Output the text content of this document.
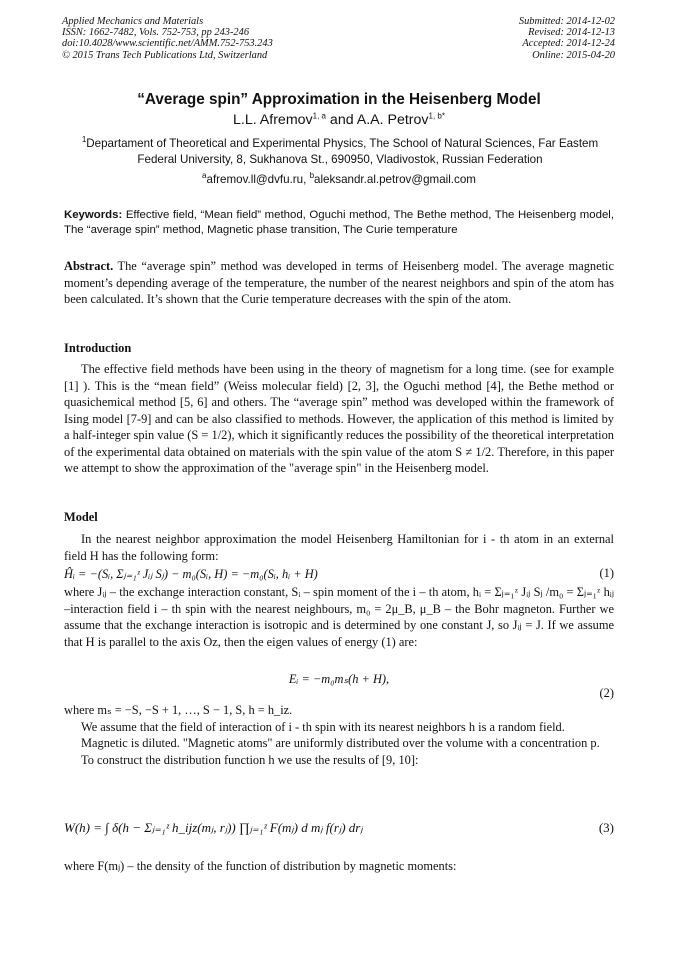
Applied Mechanics and Materials
ISSN: 1662-7482, Vols. 752-753, pp 243-246
doi:10.4028/www.scientific.net/AMM.752-753.243
© 2015 Trans Tech Publications Ltd, Switzerland
Submitted: 2014-12-02
Revised: 2014-12-13
Accepted: 2014-12-24
Online: 2015-04-20
“Average spin” Approximation in the Heisenberg Model
L.L. Afremov$^{1, a}$ and A.A. Petrov$^{1, b*}$
$^1$Departament of Theoretical and Experimental Physics, The School of Natural Sciences, Far Eastem Federal University, 8, Sukhanova St., 690950, Vladivostok, Russian Federation
$^a$afremov.ll@dvfu.ru, $^b$aleksandr.al.petrov@gmail.com
Keywords: Effective field, “Mean field” method, Oguchi method, The Bethe method, The Heisenberg model, The “average spin” method, Magnetic phase transition, The Curie temperature
Abstract. The “average spin” method was developed in terms of Heisenberg model. The average magnetic moment’s depending average of the temperature, the number of the nearest neighbors and spin of the atom has been calculated. It’s shown that the Curie temperature decreases with the spin of the atom.
Introduction

The effective field methods have been using in the theory of magnetism for a long time. (see for example [1] ). This is the “mean field” (Weiss molecular field) [2, 3], the Oguchi method [4], the Bethe method or quasichemical method [5, 6] and others. The “average spin” method was developed within the framework of Ising model [7-9] and can be also classified to methods. However, the application of this method is limited by a half-integer spin value (S = 1/2), which it significantly reduces the possibility of the theoretical interpretation of the experimental data obtained on materials with the spin value of the atom S ≠ 1/2. Therefore, in this paper we attempt to show the approximation of the "average spin" in the Heisenberg model.

Model

In the nearest neighbor approximation the model Heisenberg Hamiltonian for i - th atom in an external field H has the following form:

Ĥᵢ = −(Sᵢ, Σⱼ₌₁ᶻ Jᵢⱼ Sⱼ) − m₀(Sᵢ, H) = −m₀(Sᵢ, hᵢ + H)	(1)

where Jᵢⱼ – the exchange interaction constant, Sᵢ – spin moment of the i – th atom, hᵢ = Σⱼ₌₁ᶻ Jᵢⱼ Sⱼ /m₀ = Σⱼ₌₁ᶻ hᵢⱼ –interaction field i – th spin with the nearest neighbours, m₀ = 2μ_B, μ_B – the Bohr magneton. Further we assume that the exchange interaction is isotropic and is determined by one constant J, so Jᵢⱼ = J. If we assume that H is parallel to the axis Oz, then the eigen values of energy (1) are:

Eᵢ = −m₀mₛ(h + H),
(2)

where mₛ = −S, −S + 1, …, S − 1, S, h = h_iz.

We assume that the field of interaction of i - th spin with its nearest neighbors h is a random field.

Magnetic is diluted. "Magnetic atoms" are uniformly distributed over the volume with a concentration p.

To construct the distribution function h we use the results of [9, 10]:

W(h) = ∫ δ(h − Σⱼ₌₁ᶻ h_ijz(mⱼ, rⱼ)) ∏ⱼ₌₁ᶻ F(mⱼ) d mⱼ f(rⱼ) drⱼ	(3)

where F(mⱼ) – the density of the function of distribution by magnetic moments:
